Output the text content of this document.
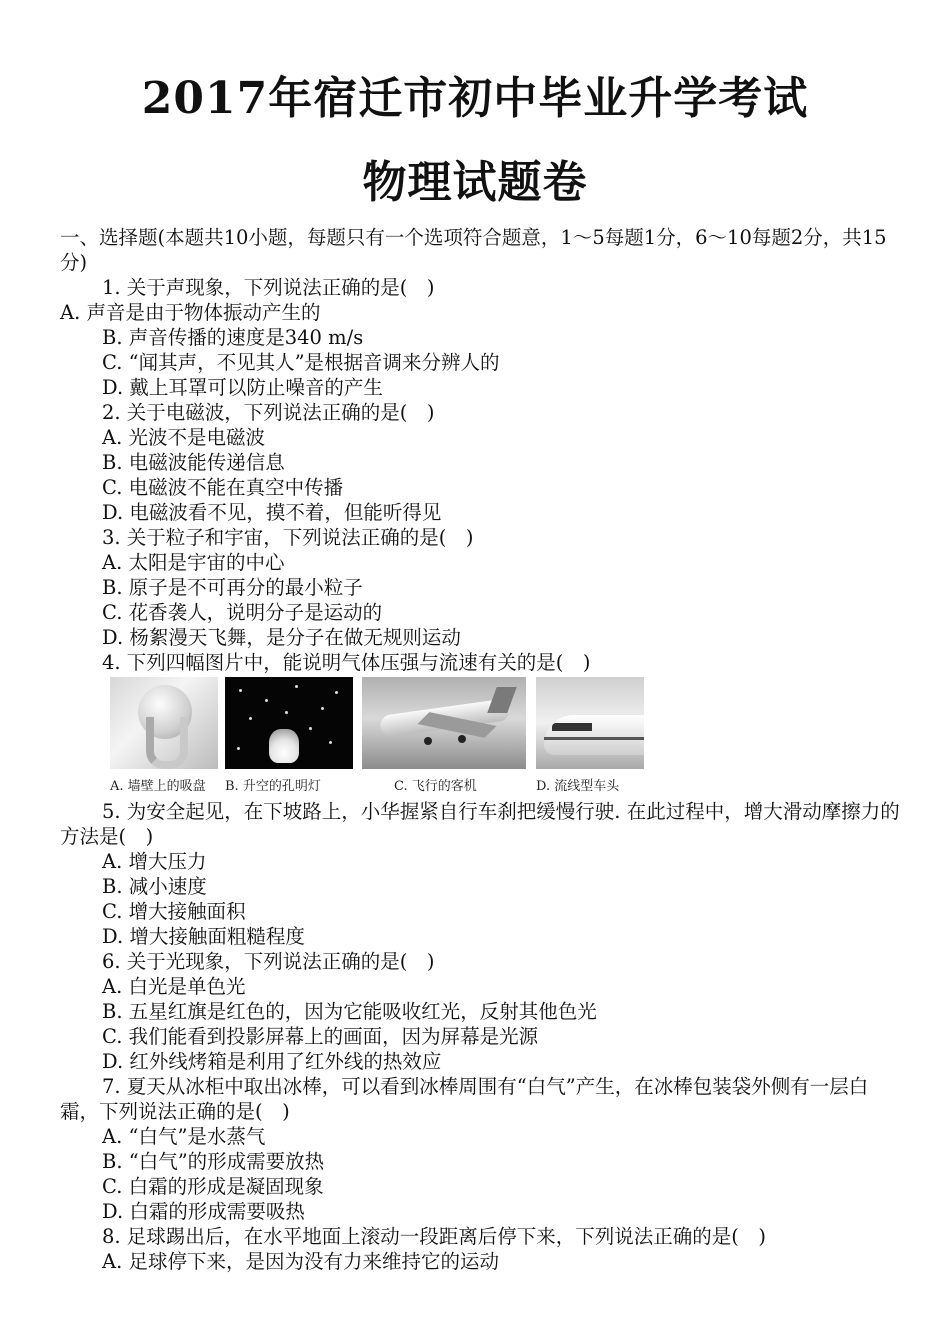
2017年宿迁市初中毕业升学考试
物理试题卷
一、选择题(本题共10小题，每题只有一个选项符合题意，1～5每题1分，6～10每题2分，共15分)
1. 关于声现象，下列说法正确的是(　)
A. 声音是由于物体振动产生的
B. 声音传播的速度是340 m/s
C. “闻其声，不见其人”是根据音调来分辨人的
D. 戴上耳罩可以防止噪音的产生
2. 关于电磁波，下列说法正确的是(　)
A. 光波不是电磁波
B. 电磁波能传递信息
C. 电磁波不能在真空中传播
D. 电磁波看不见，摸不着，但能听得见
3. 关于粒子和宇宙，下列说法正确的是(　)
A. 太阳是宇宙的中心
B. 原子是不可再分的最小粒子
C. 花香袭人，说明分子是运动的
D. 杨絮漫天飞舞，是分子在做无规则运动
4. 下列四幅图片中，能说明气体压强与流速有关的是(　)
A. 墙壁上的吸盘 B. 升空的孔明灯	C. 飞行的客机	D. 流线型车头
5. 为安全起见，在下坡路上，小华握紧自行车刹把缓慢行驶. 在此过程中，增大滑动摩擦力的方法是(　)
A. 增大压力
B. 减小速度
C. 增大接触面积
D. 增大接触面粗糙程度
6. 关于光现象，下列说法正确的是(　)
A. 白光是单色光
B. 五星红旗是红色的，因为它能吸收红光，反射其他色光
C. 我们能看到投影屏幕上的画面，因为屏幕是光源
D. 红外线烤箱是利用了红外线的热效应
7. 夏天从冰柜中取出冰棒，可以看到冰棒周围有“白气”产生，在冰棒包装袋外侧有一层白霜，下列说法正确的是(　)
A. “白气”是水蒸气
B. “白气”的形成需要放热
C. 白霜的形成是凝固现象
D. 白霜的形成需要吸热
8. 足球踢出后，在水平地面上滚动一段距离后停下来，下列说法正确的是(　)
A. 足球停下来，是因为没有力来维持它的运动
